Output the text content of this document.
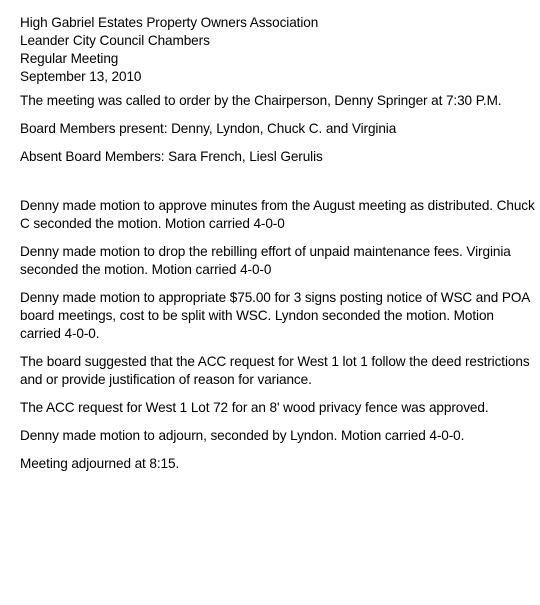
High Gabriel Estates Property Owners Association
Leander City Council Chambers
Regular Meeting
September 13, 2010

The meeting was called to order by the Chairperson, Denny Springer at 7:30 P.M.

Board Members present: Denny, Lyndon, Chuck C. and Virginia

Absent Board Members: Sara French, Liesl Gerulis

Denny made motion to approve minutes from the August meeting as distributed. Chuck C seconded the motion. Motion carried 4-0-0

Denny made motion to drop the rebilling effort of unpaid maintenance fees. Virginia seconded the motion. Motion carried 4-0-0

Denny made motion to appropriate $75.00 for 3 signs posting notice of WSC and POA board meetings, cost to be split with WSC. Lyndon seconded the motion. Motion carried 4-0-0.

The board suggested that the ACC request for West 1 lot 1 follow the deed restrictions and or provide justification of reason for variance.

The ACC request for West 1 Lot 72 for an 8' wood privacy fence was approved.

Denny made motion to adjourn, seconded by Lyndon. Motion carried 4-0-0.

Meeting adjourned at 8:15.
